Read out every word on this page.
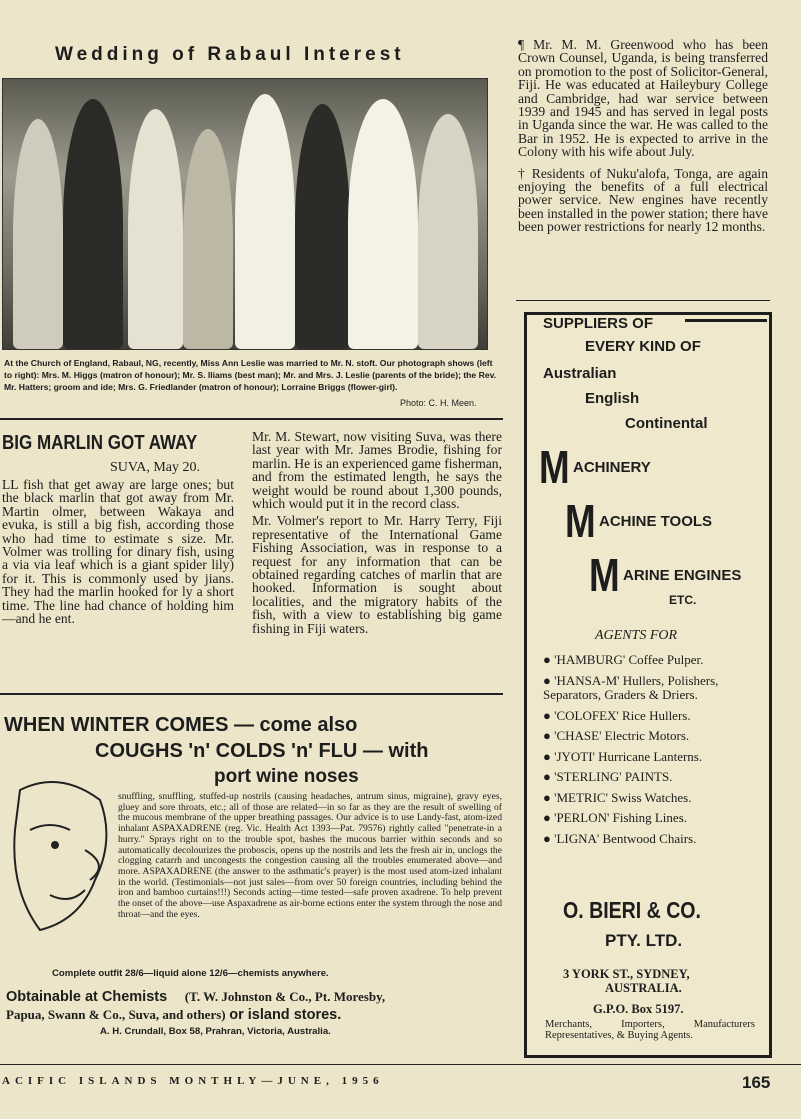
Wedding of Rabaul Interest
At the Church of England, Rabaul, NG, recently, Miss Ann Leslie was married to Mr. N. stoft. Our photograph shows (left to right): Mrs. M. Higgs (matron of honour); Mr. S. lliams (best man); Mr. and Mrs. J. Leslie (parents of the bride); the Rev. Mr. Hatters; groom and ide; Mrs. G. Friedlander (matron of honour); Lorraine Briggs (flower-girl).
Photo: C. H. Meen.

¶ Mr. M. M. Greenwood who has been Crown Counsel, Uganda, is being transferred on promotion to the post of Solicitor-General, Fiji. He was educated at Haileybury College and Cambridge, had war service between 1939 and 1945 and has served in legal posts in Uganda since the war. He was called to the Bar in 1952. He is expected to arrive in the Colony with his wife about July.

† Residents of Nuku'alofa, Tonga, are again enjoying the benefits of a full electrical power service. New engines have recently been installed in the power station; there have been power restrictions for nearly 12 months.

BIG MARLIN GOT AWAY
SUVA, May 20.
LL fish that get away are large ones; but the black marlin that got away from Mr. Martin olmer, between Wakaya and evuka, is still a big fish, according those who had time to estimate s size. Mr. Volmer was trolling for dinary fish, using a via via leaf which is a giant spider lily) for it. This is commonly used by jians. They had the marlin hooked for ly a short time. The line had chance of holding him—and he ent.

Mr. M. Stewart, now visiting Suva, was there last year with Mr. James Brodie, fishing for marlin. He is an experienced game fisherman, and from the estimated length, he says the weight would be round about 1,300 pounds, which would put it in the record class.

Mr. Volmer's report to Mr. Harry Terry, Fiji representative of the International Game Fishing Association, was in response to a request for any information that can be obtained regarding catches of marlin that are hooked. Information is sought about localities, and the migratory habits of the fish, with a view to establishing big game fishing in Fiji waters.

WHEN WINTER COMES — come also
COUGHS 'n' COLDS 'n' FLU — with
port wine noses
snuffling, snuffling, stuffed-up nostrils (causing headaches, antrum sinus, migraine), gravy eyes, gluey and sore throats, etc.; all of those are related—in so far as they are the result of swelling of the mucous membrane of the upper breathing passages. Our advice is to use Landy-fast, atom-ized inhalant ASPAXADRENE (reg. Vic. Health Act 1393—Pat. 79576) rightly called "penetrate-in a hurry." Sprays right on to the trouble spot, bashes the mucous barrier within seconds and so automatically decolourizes the proboscis, opens up the nostrils and lets the fresh air in, unclogs the clogging catarrh and uncongests the congestion causing all the troubles enumerated above—and more. ASPAXADRENE (the answer to the asthmatic's prayer) is the most used atom-ized inhalant in the world. (Testimonials—not just sales—from over 50 foreign countries, including behind the iron and bamboo curtains!!!) Seconds acting—time tested—safe proven axadrene. To help prevent the onset of the above—use Aspaxadrene as air-borne ections enter the system through the nose and throat—and the eyes.
Complete outfit 28/6—liquid alone 12/6—chemists anywhere.
Obtainable at Chemists (T. W. Johnston & Co., Pt. Moresby,
Papua, Swann & Co., Suva, and others) or island stores.
A. H. Crundall, Box 58, Prahran, Victoria, Australia.
SUPPLIERS OF
EVERY KIND OF
Australian
English
Continental
M ACHINERY
M ACHINE TOOLS
M ARINE ENGINES
ETC.
AGENTS FOR
● 'HAMBURG' Coffee Pulper.
● 'HANSA-M' Hullers, Polishers, Separators, Graders & Driers.
● 'COLOFEX' Rice Hullers.
● 'CHASE' Electric Motors.
● 'JYOTI' Hurricane Lanterns.
● 'STERLING' PAINTS.
● 'METRIC' Swiss Watches.
● 'PERLON' Fishing Lines.
● 'LIGNA' Bentwood Chairs.
O. BIERI & CO.
PTY. LTD.
3 YORK ST., SYDNEY,
AUSTRALIA.
G.P.O. Box 5197.
Merchants, Importers, Manufacturers Representatives, & Buying Agents.
ACIFIC ISLANDS MONTHLY—JUNE, 1956	165
